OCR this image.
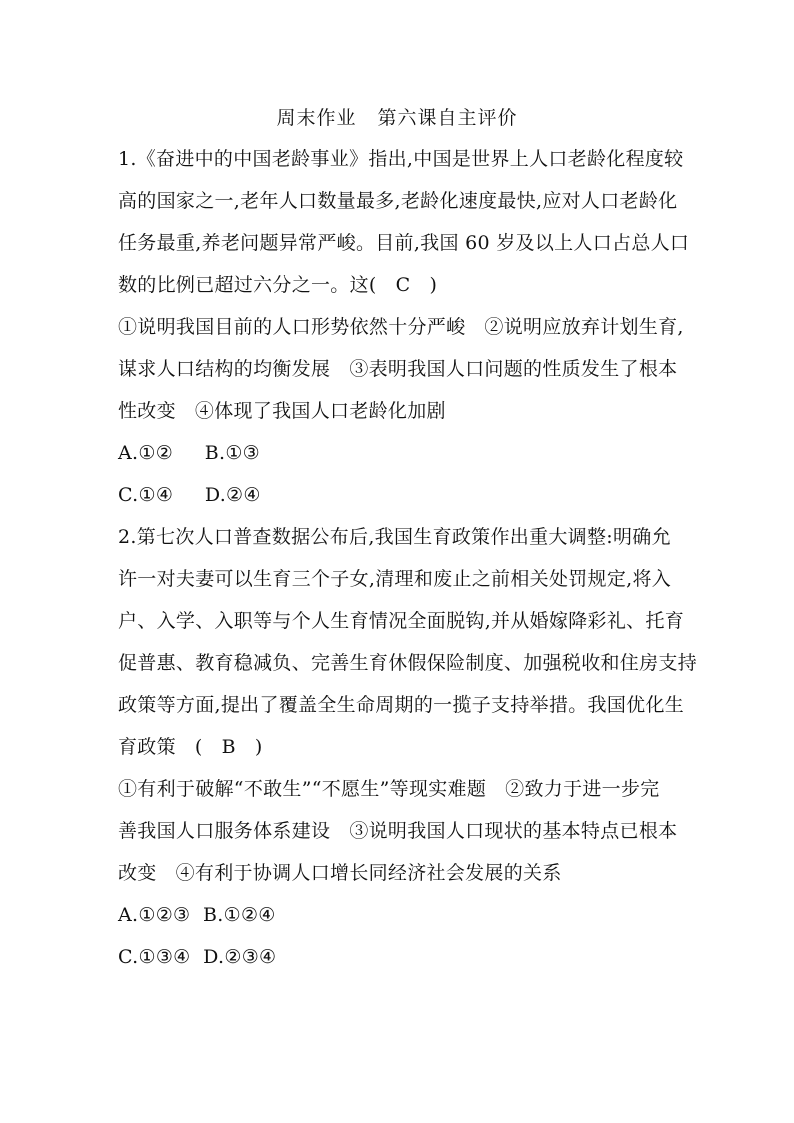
周末作业   第六课自主评价
1.《奋进中的中国老龄事业》指出,中国是世界上人口老龄化程度较
高的国家之一,老年人口数量最多,老龄化速度最快,应对人口老龄化
任务最重,养老问题异常严峻。目前,我国 60 岁及以上人口占总人口
数的比例已超过六分之一。这(   C   )
①说明我国目前的人口形势依然十分严峻   ②说明应放弃计划生育,
谋求人口结构的均衡发展   ③表明我国人口问题的性质发生了根本
性改变   ④体现了我国人口老龄化加剧
A.①②     B.①③
C.①④     D.②④
2.第七次人口普查数据公布后,我国生育政策作出重大调整:明确允
许一对夫妻可以生育三个子女,清理和废止之前相关处罚规定,将入
户、入学、入职等与个人生育情况全面脱钩,并从婚嫁降彩礼、托育
促普惠、教育稳减负、完善生育休假保险制度、加强税收和住房支持
政策等方面,提出了覆盖全生命周期的一揽子支持举措。我国优化生
育政策   (   B   )
①有利于破解“不敢生”“不愿生”等现实难题   ②致力于进一步完
善我国人口服务体系建设   ③说明我国人口现状的基本特点已根本
改变   ④有利于协调人口增长同经济社会发展的关系
A.①②③  B.①②④
C.①③④  D.②③④
